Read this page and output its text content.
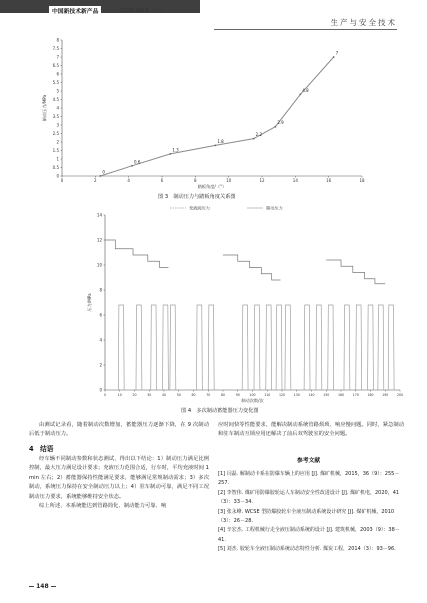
中国新技术新产品	2025 NO.6（上）
生产与安全技术
0
0.5
1
1.5
2
2.5
3
3.5
4
4.5
5
5.5
6
6.5
7
7.5
8
0	2	4	6	8	10	12	14	16	18
踏板角度/（°）
制动压力/MPa
0
0.6
1.3
1.8
2.2
2.9
4.8
7
图 3　制动压力与踏板角度关系图
充液阀压力	制动压力
0
2
4
6
8
10
12
14
0	10	20	30	40	50	60	70	80	90	100	110	120	130	140	150	160	170	180	190	200
制动次数/次
压力/MPa
图 4　多次制动蓄能器压力变化图

由测试记录看，随着制动次数增加，蓄能器压力逐渐下降，在 9 次制动后低于制动压力。

4　结语

经车辆不同制动参数和状态测试，得出以下结论：1）制动压力满足比例控制，最大压力满足设计要求；充液压力范围合适，行车时，平均充液时间 1 min 左右；2）蓄能器保持性能满足要求，能够满足常规制动需求；3）多次制动，系统压力保持在安全制动压力以上；4）驻车制动可靠，满足不同工况制动压力要求，系统能够维持安全状态。

综上所述，本系统能达到管路简化、制动能力可靠、响

应时间快等性能要求，能解决制动系统管路烦琐、响应慢问题。同时，紧急制动和驻车制动互锁应用还解决了前后双驾驶室的安全问题。

参考文献
[1] 闫磊. 解制动卡系在防爆车辆上的应用 [J]. 煤矿机械，2015，36（9）：255－257.
[2] 李智伟. 煤矿用防爆胶轮运人车制动安全性改进设计 [J]. 煤矿机电，2020，41（3）：33－34.
[3] 张永峰. WCSE 型防爆胶轮车全液压制动系统设计研究 [J]. 煤矿机械，2010（3）：26－28.
[4] 辛宏杰. 工程机械行走全液压制动系统的设计 [J]. 建筑机械，2003（9）：38－41.
[5] 刘杰. 胶轮车全液压制动系统动态特性分析. 煤炭工程，2014（3）：93－96.
148
